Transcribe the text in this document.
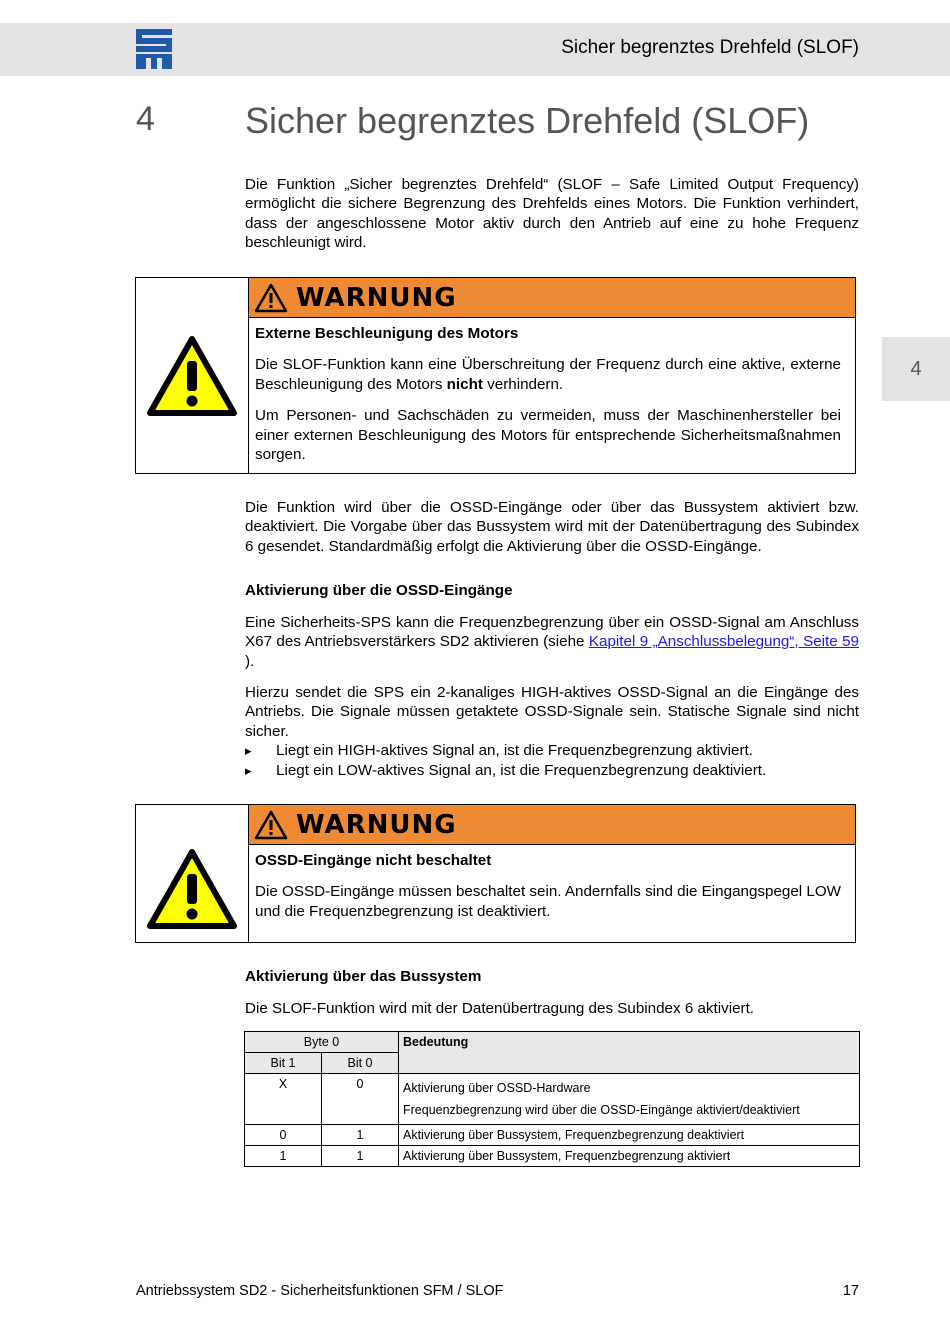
Sicher begrenztes Drehfeld (SLOF)
4	Sicher begrenztes Drehfeld (SLOF)
4
Die Funktion „Sicher begrenztes Drehfeld“ (SLOF – Safe Limited Output Frequency) ermöglicht die sichere Begrenzung des Drehfelds eines Motors. Die Funktion verhindert, dass der angeschlossene Motor aktiv durch den Antrieb auf eine zu hohe Frequenz beschleunigt wird.
WARNUNG

Externe Beschleunigung des Motors

Die SLOF-Funktion kann eine Überschreitung der Frequenz durch eine aktive, externe Beschleunigung des Motors nicht verhindern.

Um Personen- und Sachschäden zu vermeiden, muss der Maschinenhersteller bei einer externen Beschleunigung des Motors für entsprechende Sicherheitsmaßnahmen sorgen.

Die Funktion wird über die OSSD-Eingänge oder über das Bussystem aktiviert bzw. deaktiviert. Die Vorgabe über das Bussystem wird mit der Datenübertragung des Subindex 6 gesendet. Standardmäßig erfolgt die Aktivierung über die OSSD-Eingänge.
Aktivierung über die OSSD-Eingänge
Eine Sicherheits-SPS kann die Frequenzbegrenzung über ein OSSD-Signal am Anschluss X67 des Antriebsverstärkers SD2 aktivieren (siehe Kapitel 9 „Anschlussbelegung“, Seite 59 ).
Hierzu sendet die SPS ein 2-kanaliges HIGH-aktives OSSD-Signal an die Eingänge des Antriebs. Die Signale müssen getaktete OSSD-Signale sein. Statische Signale sind nicht sicher.
▸ Liegt ein HIGH-aktives Signal an, ist die Frequenzbegrenzung aktiviert.
▸ Liegt ein LOW-aktives Signal an, ist die Frequenzbegrenzung deaktiviert.
WARNUNG

OSSD-Eingänge nicht beschaltet

Die OSSD-Eingänge müssen beschaltet sein. Andernfalls sind die Eingangspegel LOW und die Frequenzbegrenzung ist deaktiviert.

Aktivierung über das Bussystem
Die SLOF-Funktion wird mit der Datenübertragung des Subindex 6 aktiviert.
Byte 0		Bedeutung
Bit 1	Bit 0	
X	0	Aktivierung über OSSD-Hardware
Frequenzbegrenzung wird über die OSSD-Eingänge aktiviert/deaktiviert

0	1	Aktivierung über Bussystem, Frequenzbegrenzung deaktiviert
1	1	Aktivierung über Bussystem, Frequenzbegrenzung aktiviert
Antriebssystem SD2 - Sicherheitsfunktionen SFM / SLOF	17
